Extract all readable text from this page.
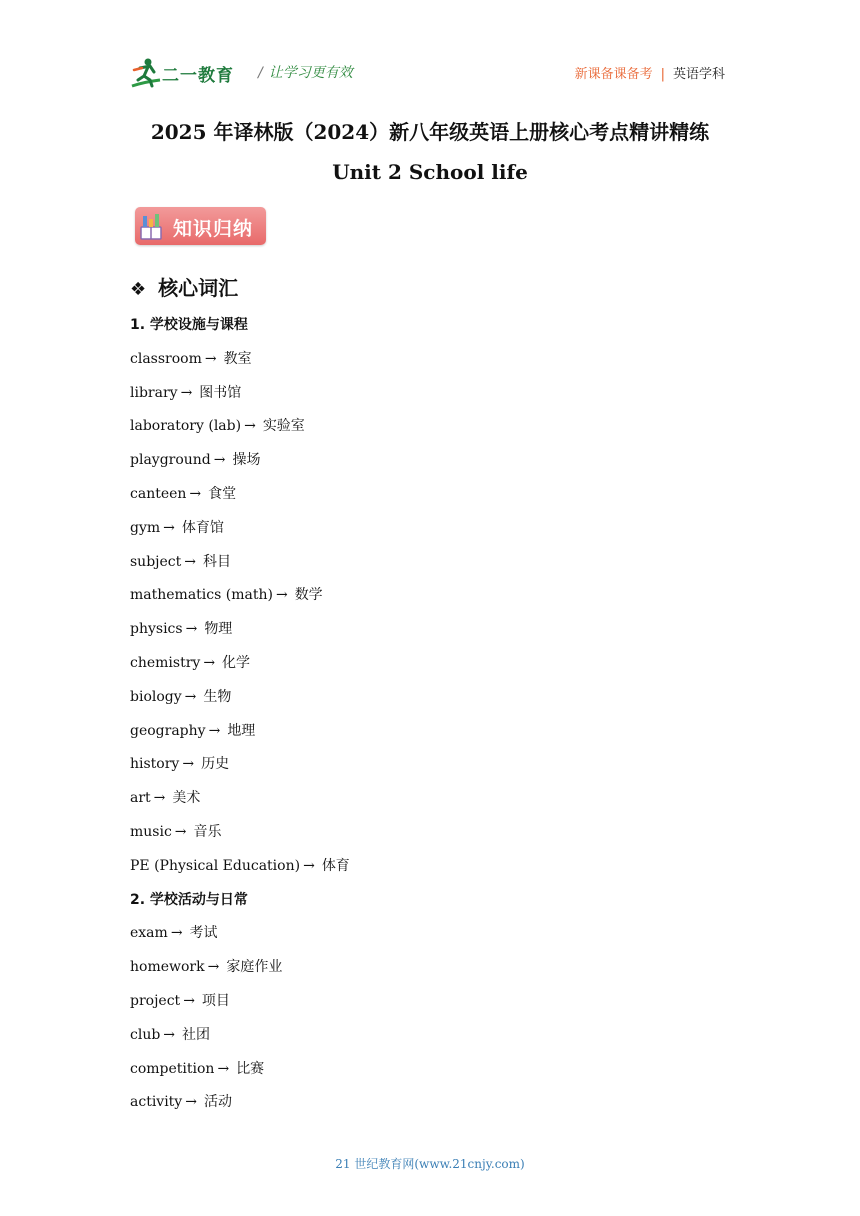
二一教育 / 让学习更有效	新课备课备考 | 英语学科
2025 年译林版（2024）新八年级英语上册核心考点精讲精练
Unit 2 School life
知识归纳
❖ 核心词汇
1. 学校设施与课程
classroom → 教室
library → 图书馆
laboratory (lab) → 实验室
playground → 操场
canteen → 食堂
gym → 体育馆
subject → 科目
mathematics (math) → 数学
physics → 物理
chemistry → 化学
biology → 生物
geography → 地理
history → 历史
art → 美术
music → 音乐
PE (Physical Education) → 体育
2. 学校活动与日常
exam → 考试
homework → 家庭作业
project → 项目
club → 社团
competition → 比赛
activity → 活动
21 世纪教育网(www.21cnjy.com)
